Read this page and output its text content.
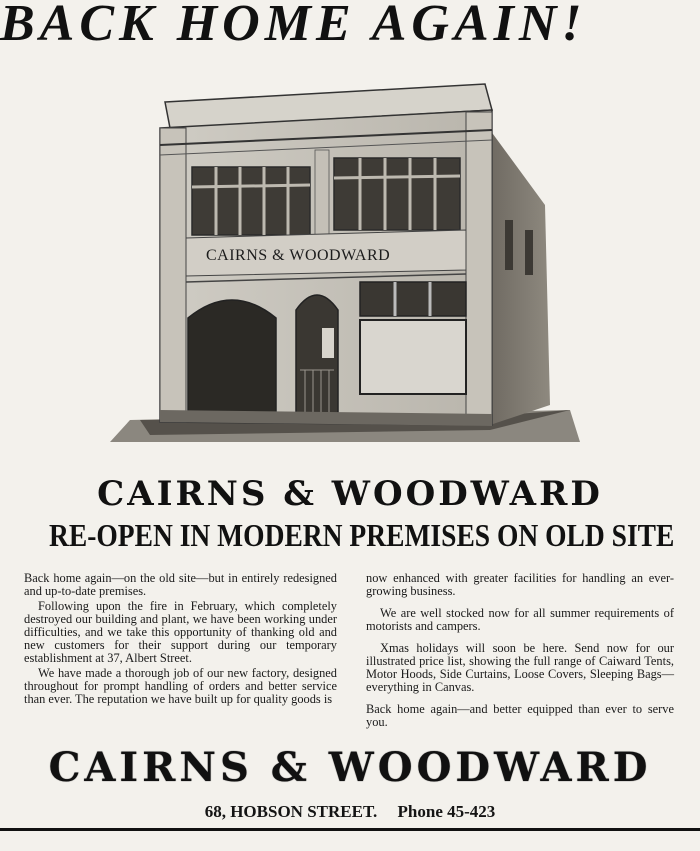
BACK HOME AGAIN!
CAIRNS & WOODWARD
CAIRNS & WOODWARD
RE-OPEN IN MODERN PREMISES ON OLD SITE

Back home again—on the old site—but in entirely redesigned and up-to-date premises.

Following upon the fire in February, which completely destroyed our building and plant, we have been working under difficulties, and we take this opportunity of thanking old and new customers for their support during our temporary establishment at 37, Albert Street.

We have made a thorough job of our new factory, designed throughout for prompt handling of orders and better service than ever. The reputation we have built up for quality goods is

now enhanced with greater facilities for handling an ever-growing business.

We are well stocked now for all summer requirements of motorists and campers.

Xmas holidays will soon be here. Send now for our illustrated price list, showing the full range of Caiward Tents, Motor Hoods, Side Curtains, Loose Covers, Sleeping Bags—everything in Canvas.

Back home again—and better equipped than ever to serve you.

CAIRNS & WOODWARD
68, HOBSON STREET. Phone 45-423
